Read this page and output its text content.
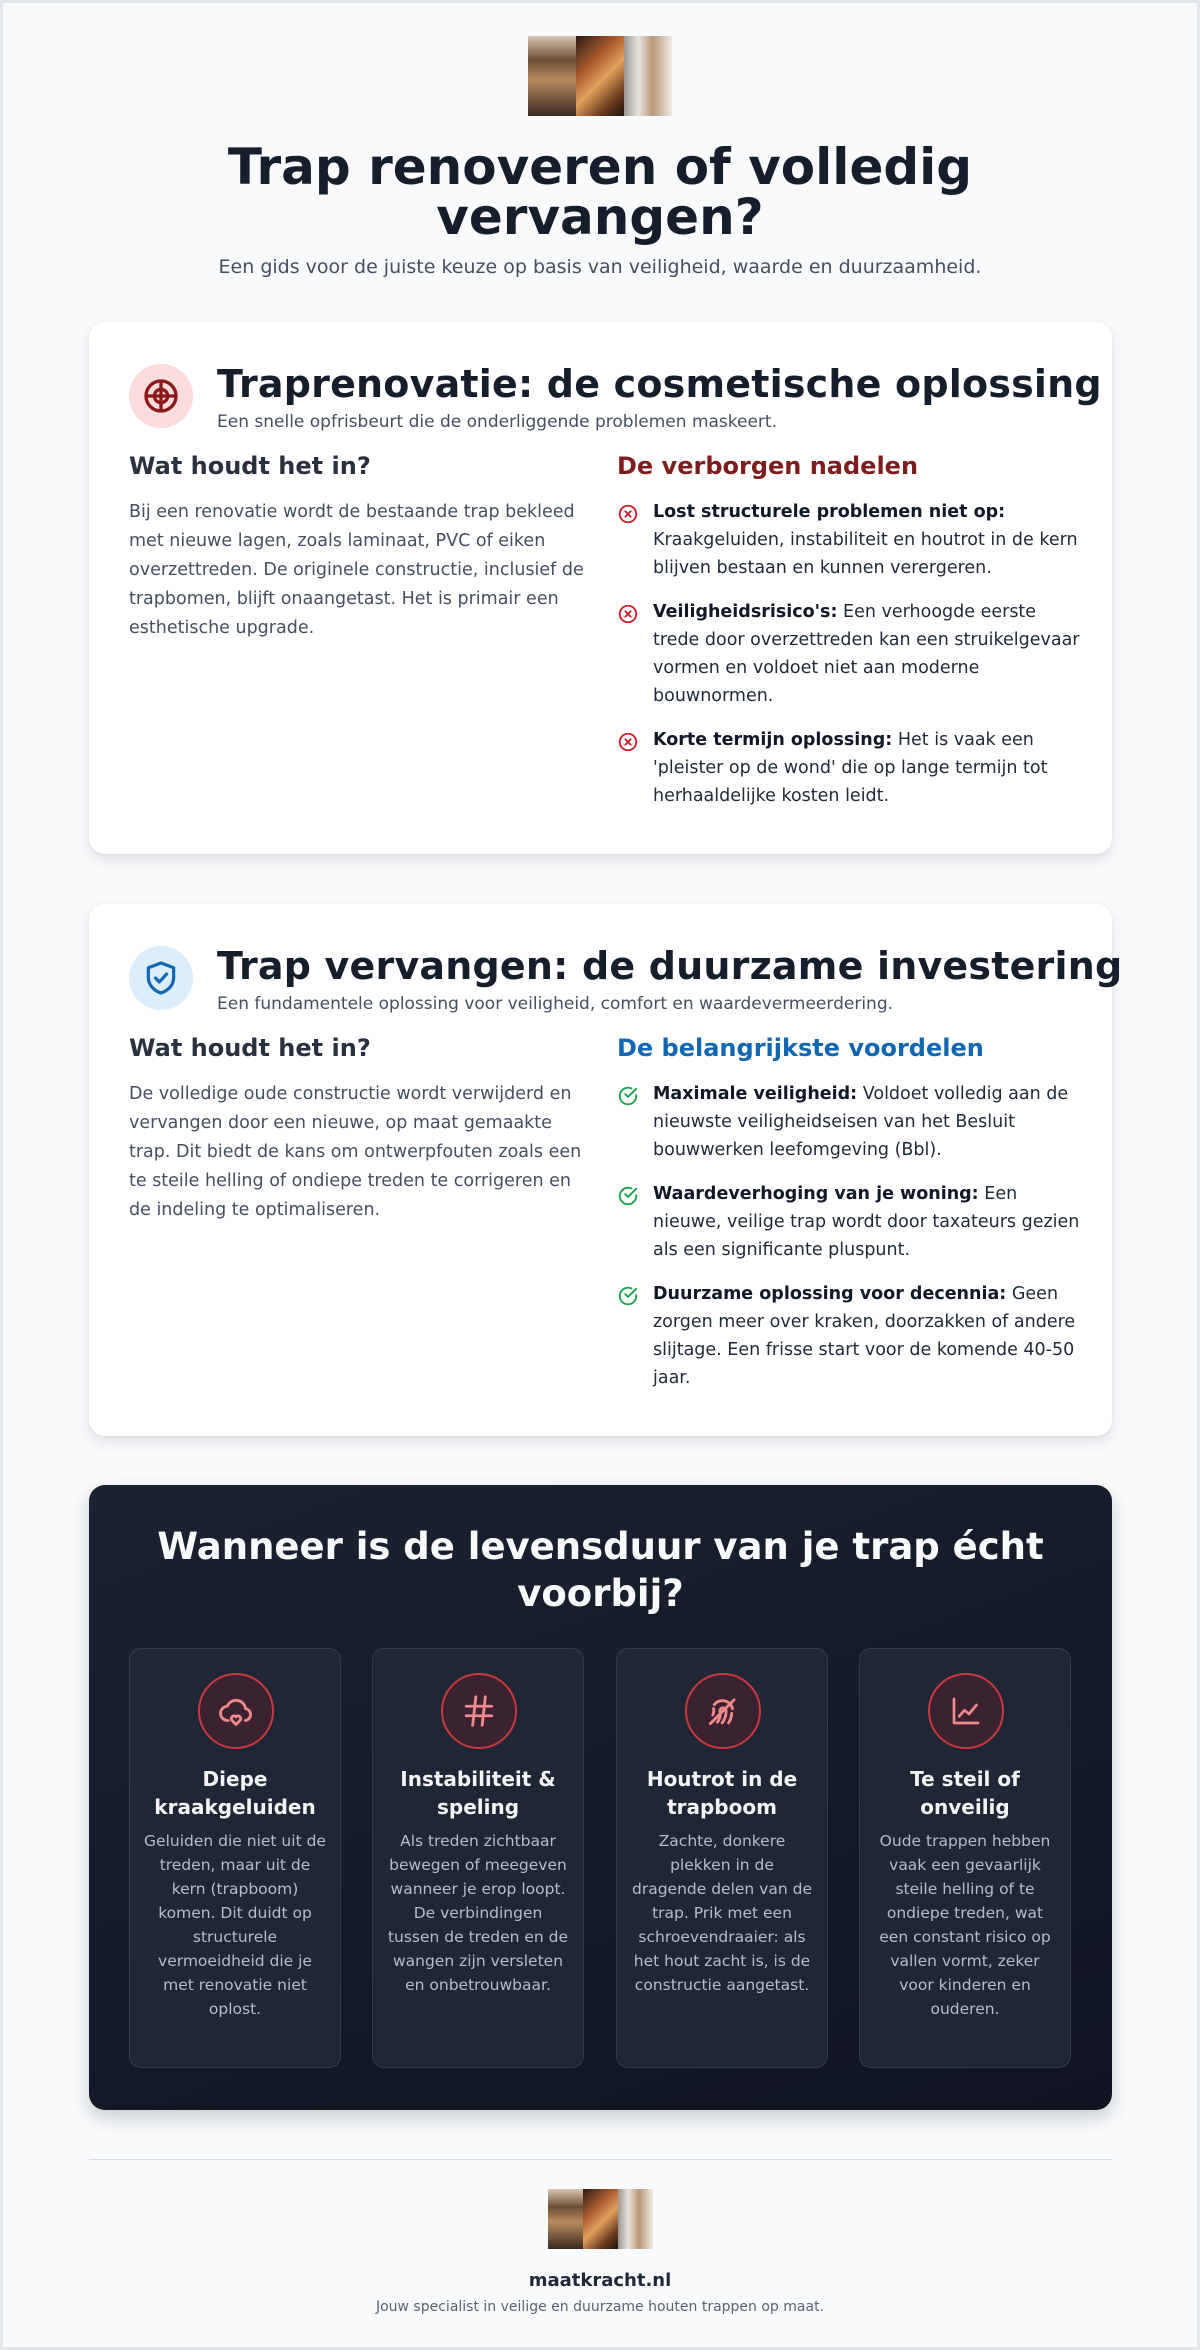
Trap renoveren of volledig vervangen?

Een gids voor de juiste keuze op basis van veiligheid, waarde en duurzaamheid.

Traprenovatie: de cosmetische oplossing
Een snelle opfrisbeurt die de onderliggende problemen maskeert.
Wat houdt het in?

Bij een renovatie wordt de bestaande trap bekleed met nieuwe lagen, zoals laminaat, PVC of eiken overzettreden. De originele constructie, inclusief de trapbomen, blijft onaangetast. Het is primair een esthetische upgrade.

De verborgen nadelen
Lost structurele problemen niet op: Kraakgeluiden, instabiliteit en houtrot in de kern blijven bestaan en kunnen verergeren.
Veiligheidsrisico's: Een verhoogde eerste trede door overzettreden kan een struikelgevaar vormen en voldoet niet aan moderne bouwnormen.
Korte termijn oplossing: Het is vaak een 'pleister op de wond' die op lange termijn tot herhaaldelijke kosten leidt.
Trap vervangen: de duurzame investering
Een fundamentele oplossing voor veiligheid, comfort en waardevermeerdering.
Wat houdt het in?

De volledige oude constructie wordt verwijderd en vervangen door een nieuwe, op maat gemaakte trap. Dit biedt de kans om ontwerpfouten zoals een te steile helling of ondiepe treden te corrigeren en de indeling te optimaliseren.

De belangrijkste voordelen
Maximale veiligheid: Voldoet volledig aan de nieuwste veiligheidseisen van het Besluit bouwwerken leefomgeving (Bbl).
Waardeverhoging van je woning: Een nieuwe, veilige trap wordt door taxateurs gezien als een significante pluspunt.
Duurzame oplossing voor decennia: Geen zorgen meer over kraken, doorzakken of andere slijtage. Een frisse start voor de komende 40-50 jaar.
Wanneer is de levensduur van je trap écht voorbij?
Diepe kraakgeluiden
Geluiden die niet uit de treden, maar uit de kern (trapboom) komen. Dit duidt op structurele vermoeidheid die je met renovatie niet oplost.
Instabiliteit & speling
Als treden zichtbaar bewegen of meegeven wanneer je erop loopt. De verbindingen tussen de treden en de wangen zijn versleten en onbetrouwbaar.
Houtrot in de trapboom
Zachte, donkere plekken in de dragende delen van de trap. Prik met een schroevendraaier: als het hout zacht is, is de constructie aangetast.
Te steil of onveilig
Oude trappen hebben vaak een gevaarlijk steile helling of te ondiepe treden, wat een constant risico op vallen vormt, zeker voor kinderen en ouderen.
maatkracht.nl
Jouw specialist in veilige en duurzame houten trappen op maat.
